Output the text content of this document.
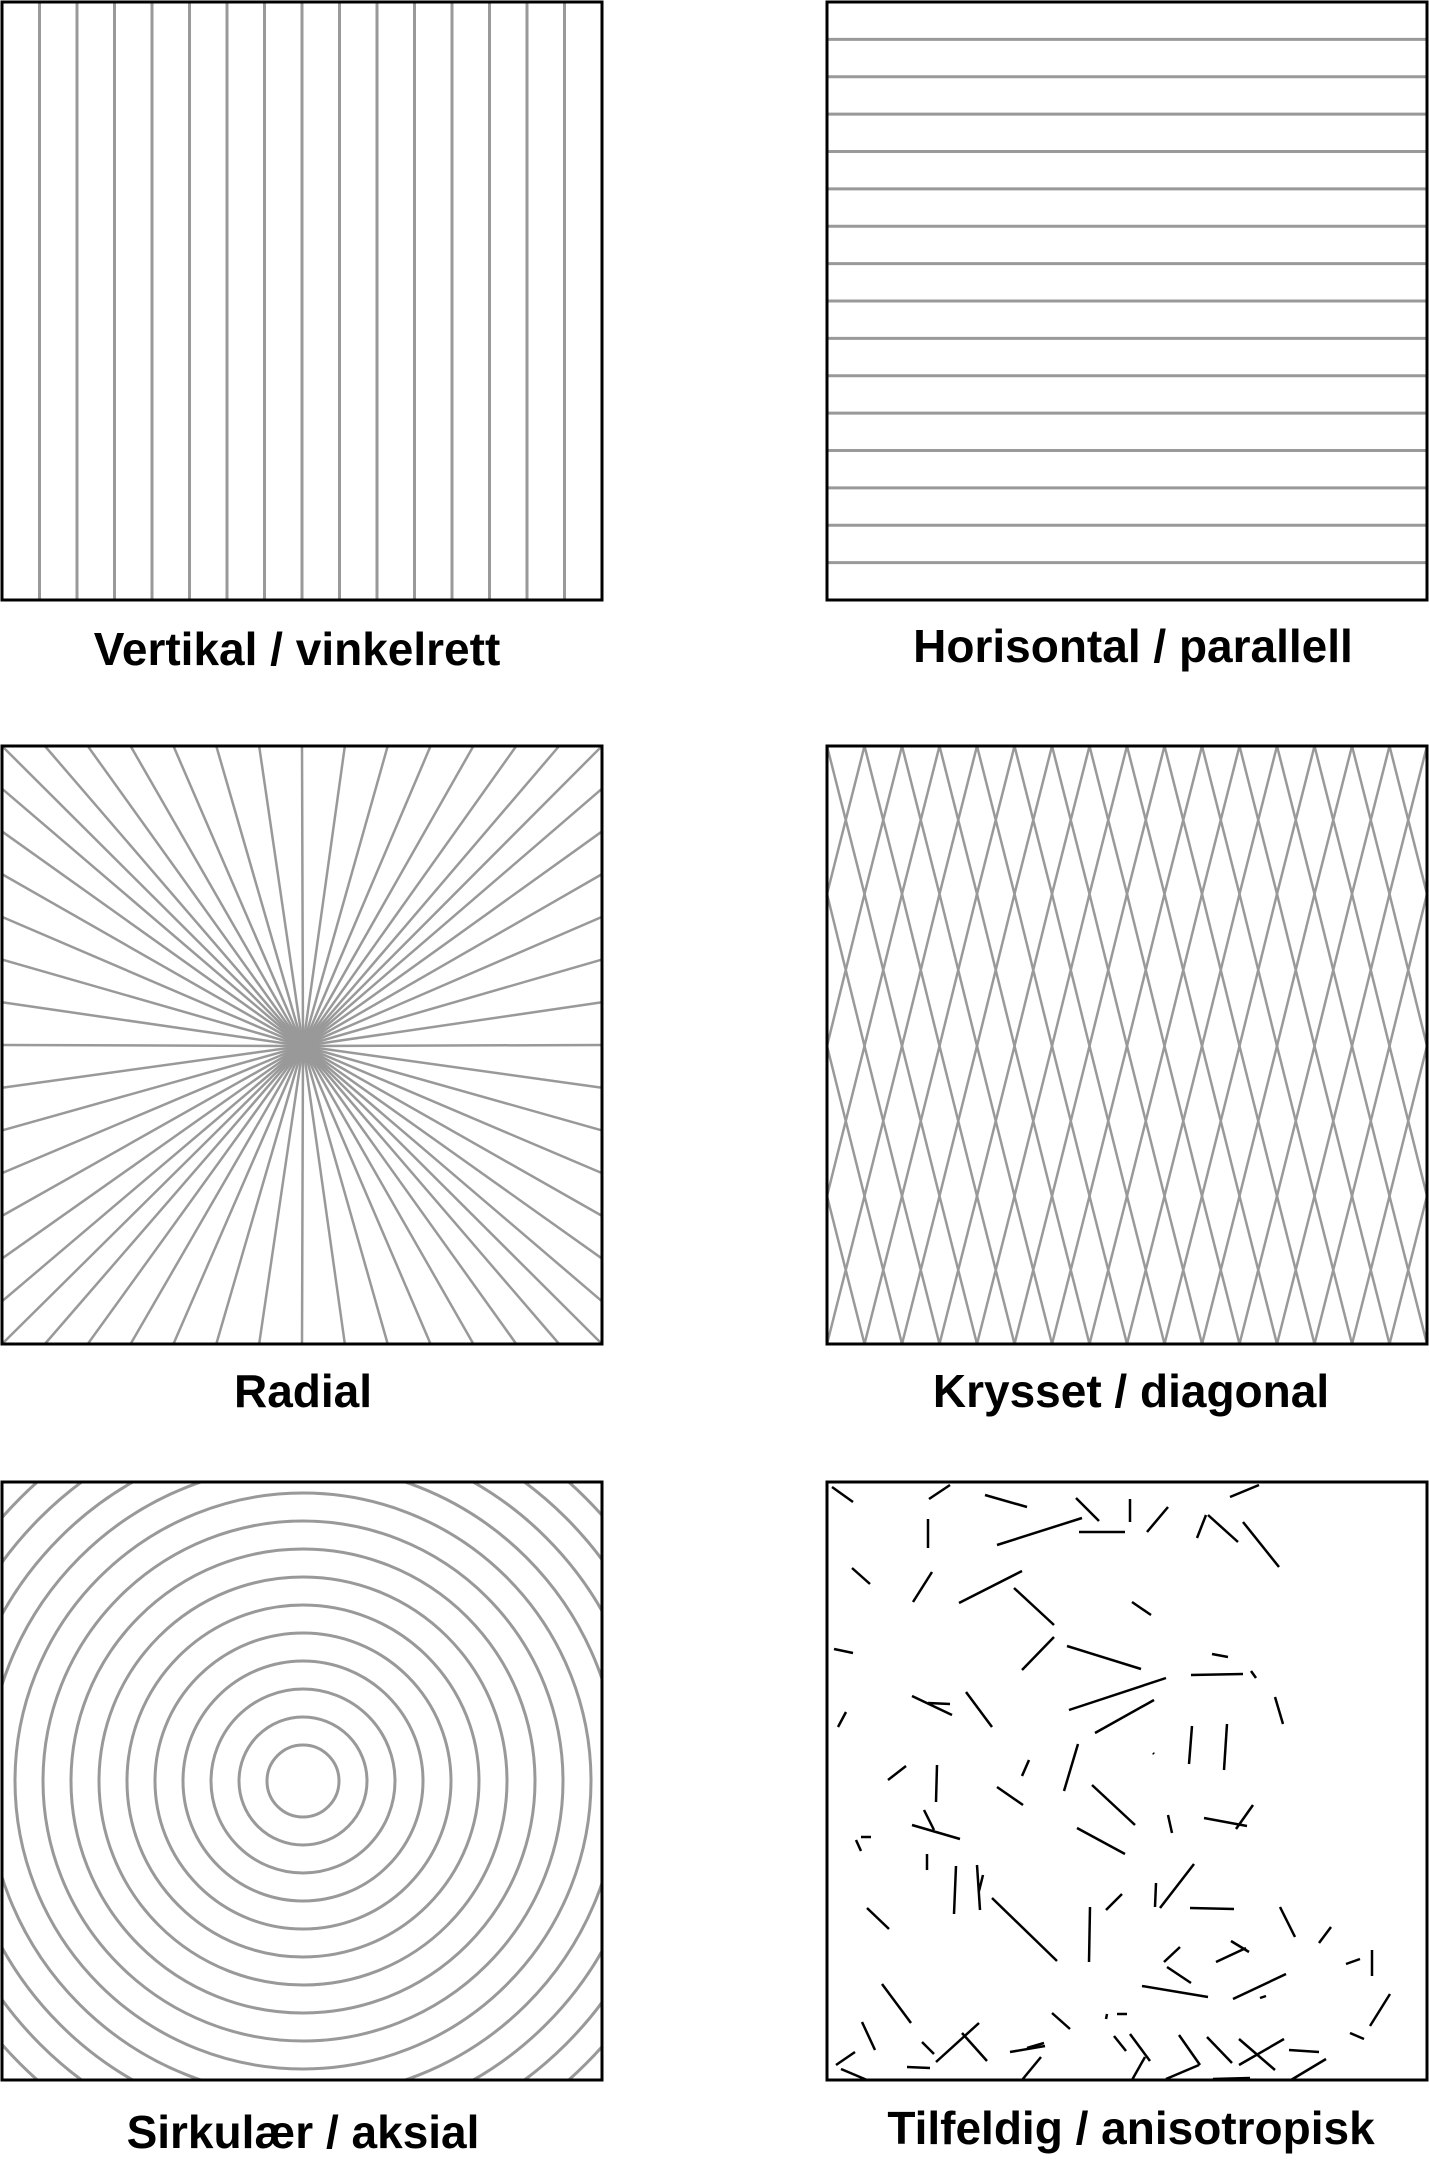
Vertikal / vinkelrett	Horisontal / parallell
Radial	Krysset / diagonal
Sirkulær / aksial	Tilfeldig / anisotropisk
